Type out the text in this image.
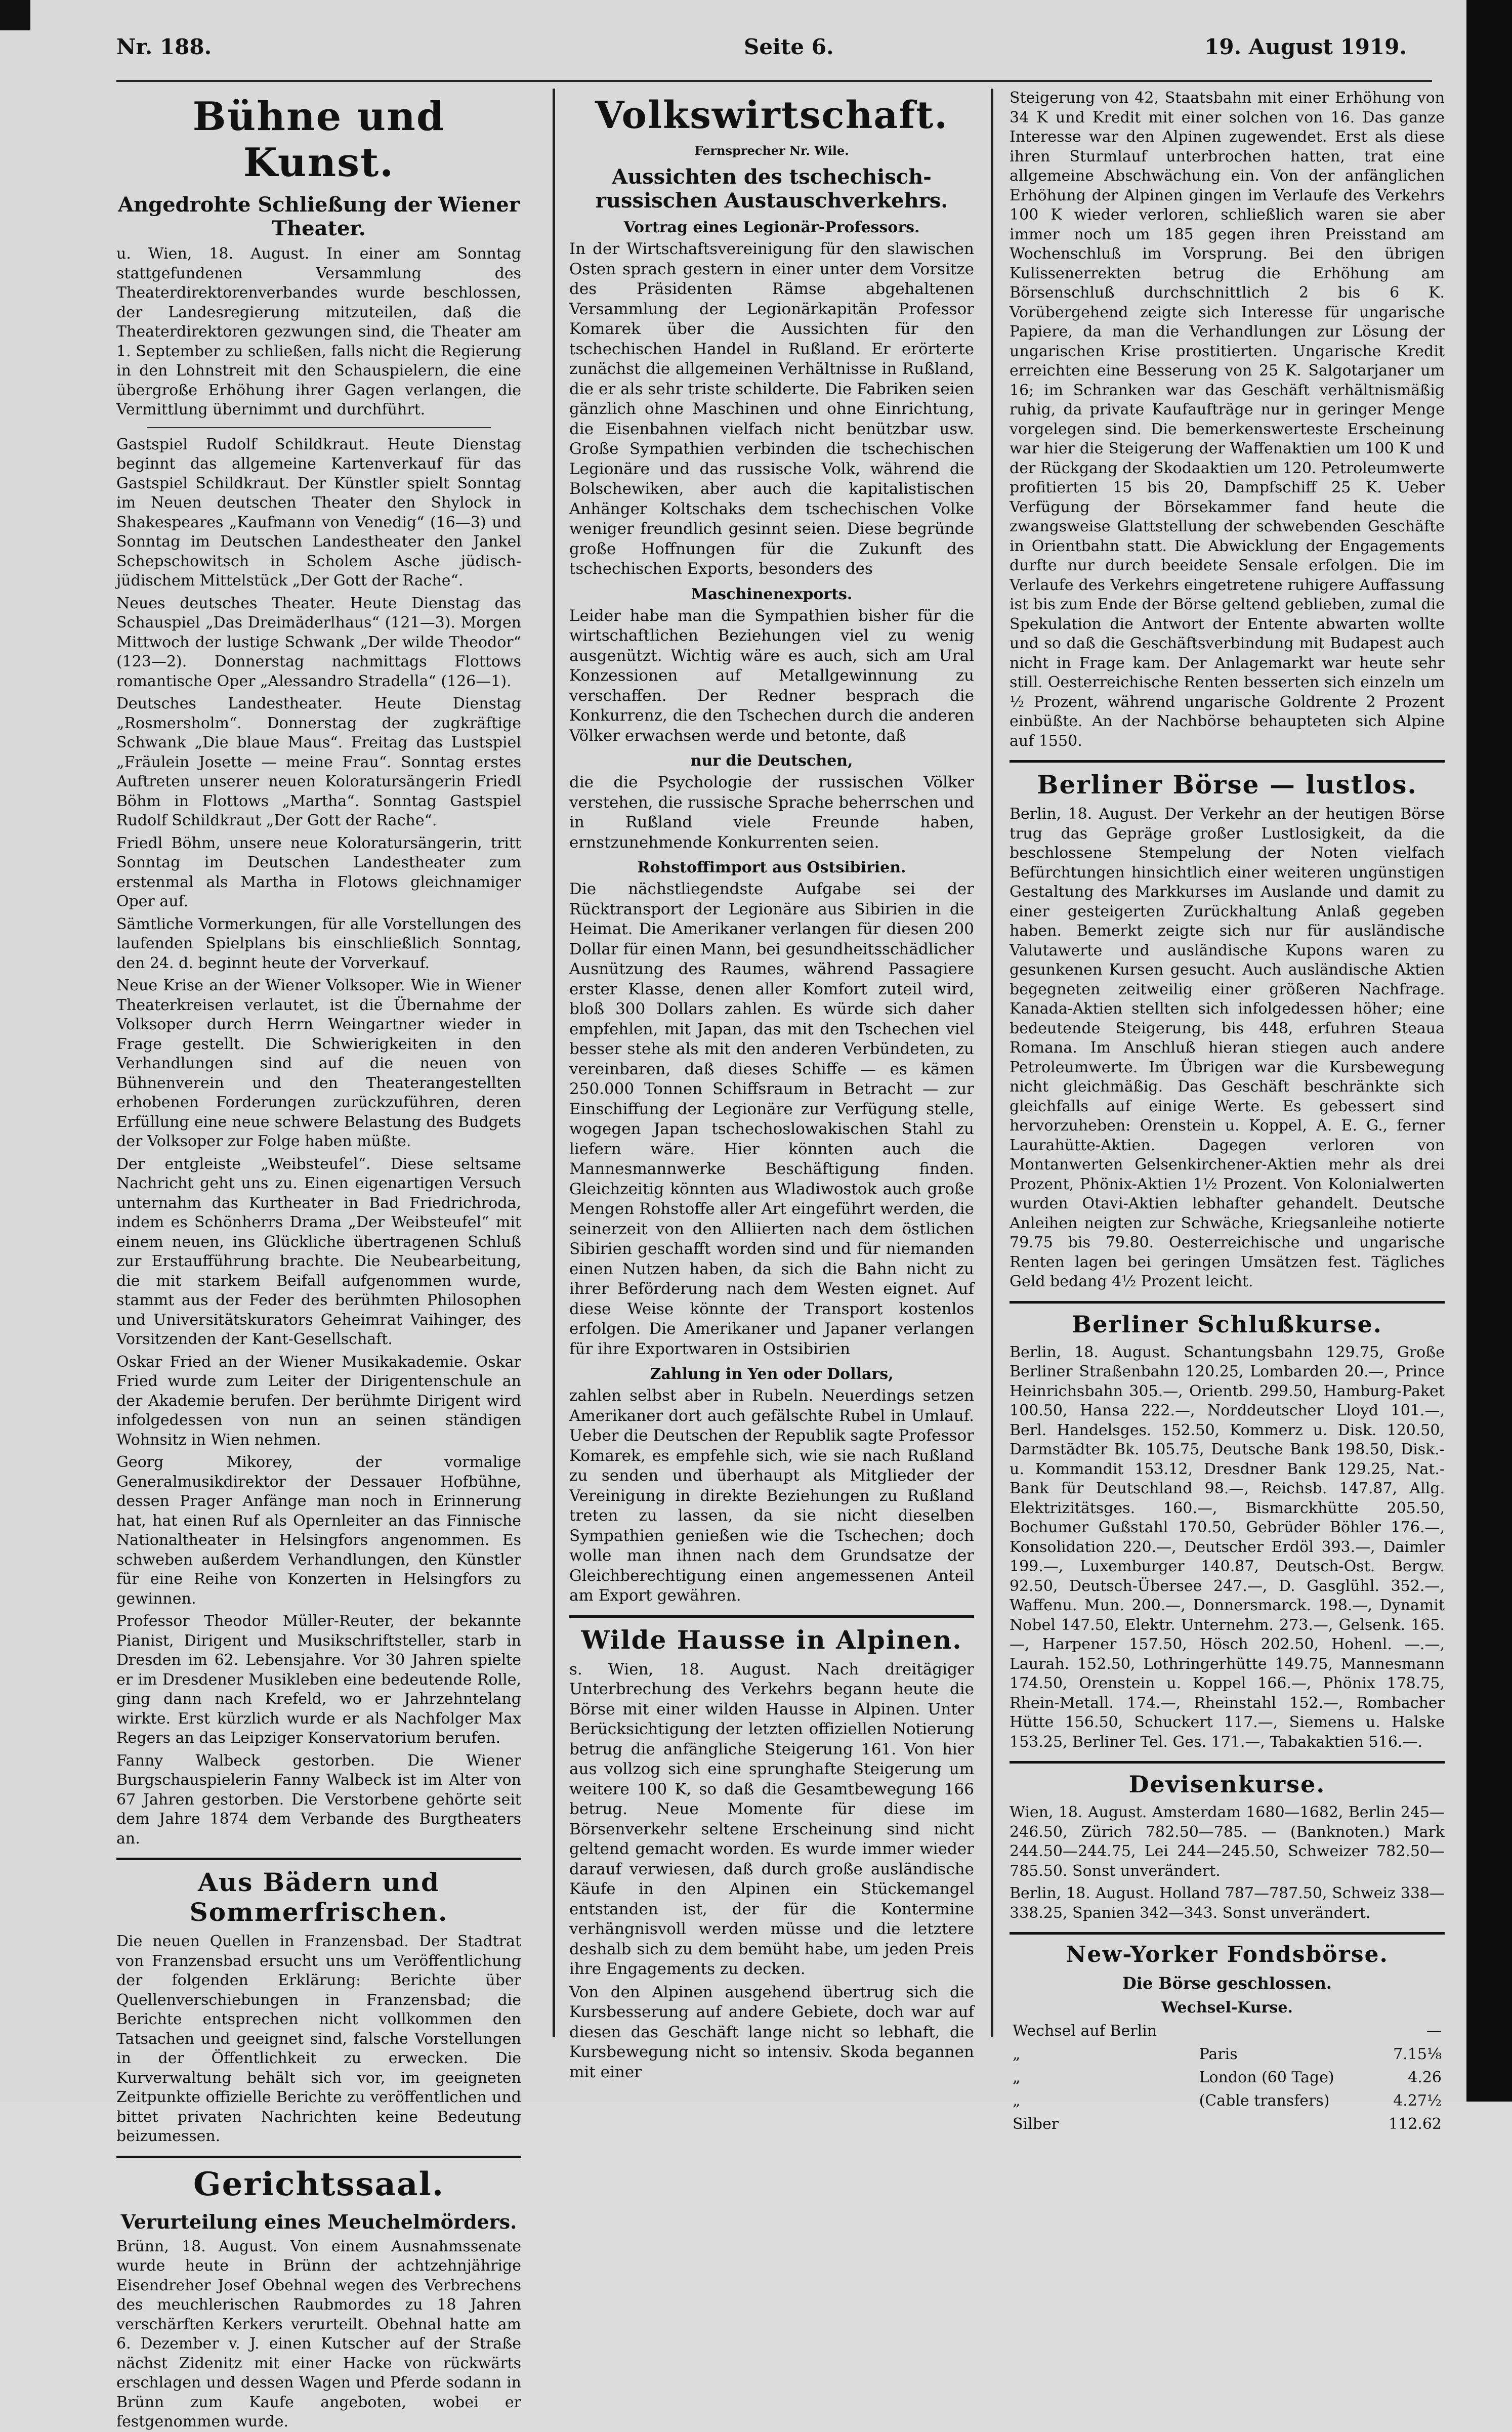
Nr. 188.	Seite 6.	19. August 1919.
Bühne und Kunst.
Angedrohte Schließung der Wiener Theater.

u. Wien, 18. August. In einer am Sonntag stattgefundenen Versammlung des Theaterdirektorenverbandes wurde beschlossen, der Landesregierung mitzuteilen, daß die Theaterdirektoren gezwungen sind, die Theater am 1. September zu schließen, falls nicht die Regierung in den Lohnstreit mit den Schauspielern, die eine übergroße Erhöhung ihrer Gagen verlangen, die Vermittlung übernimmt und durchführt.

Gastspiel Rudolf Schildkraut. Heute Dienstag beginnt das allgemeine Kartenverkauf für das Gastspiel Schildkraut. Der Künstler spielt Sonntag im Neuen deutschen Theater den Shylock in Shakespeares „Kaufmann von Venedig“ (16—3) und Sonntag im Deutschen Landestheater den Jankel Schepschowitsch in Scholem Asche jüdisch-jüdischem Mittelstück „Der Gott der Rache“.

Neues deutsches Theater. Heute Dienstag das Schauspiel „Das Dreimäderlhaus“ (121—3). Morgen Mittwoch der lustige Schwank „Der wilde Theodor“ (123—2). Donnerstag nachmittags Flottows romantische Oper „Alessandro Stradella“ (126—1).

Deutsches Landestheater. Heute Dienstag „Rosmersholm“. Donnerstag der zugkräftige Schwank „Die blaue Maus“. Freitag das Lustspiel „Fräulein Josette — meine Frau“. Sonntag erstes Auftreten unserer neuen Koloratursängerin Friedl Böhm in Flottows „Martha“. Sonntag Gastspiel Rudolf Schildkraut „Der Gott der Rache“.

Friedl Böhm, unsere neue Koloratursängerin, tritt Sonntag im Deutschen Landestheater zum erstenmal als Martha in Flotows gleichnamiger Oper auf.

Sämtliche Vormerkungen, für alle Vorstellungen des laufenden Spielplans bis einschließlich Sonntag, den 24. d. beginnt heute der Vorverkauf.

Neue Krise an der Wiener Volksoper. Wie in Wiener Theaterkreisen verlautet, ist die Übernahme der Volksoper durch Herrn Weingartner wieder in Frage gestellt. Die Schwierigkeiten in den Verhandlungen sind auf die neuen von Bühnenverein und den Theaterangestellten erhobenen Forderungen zurückzuführen, deren Erfüllung eine neue schwere Belastung des Budgets der Volksoper zur Folge haben müßte.

Der entgleiste „Weibsteufel“. Diese seltsame Nachricht geht uns zu. Einen eigenartigen Versuch unternahm das Kurtheater in Bad Friedrichroda, indem es Schönherrs Drama „Der Weibsteufel“ mit einem neuen, ins Glückliche übertragenen Schluß zur Erstaufführung brachte. Die Neubearbeitung, die mit starkem Beifall aufgenommen wurde, stammt aus der Feder des berühmten Philosophen und Universitätskurators Geheimrat Vaihinger, des Vorsitzenden der Kant-Gesellschaft.

Oskar Fried an der Wiener Musikakademie. Oskar Fried wurde zum Leiter der Dirigentenschule an der Akademie berufen. Der berühmte Dirigent wird infolgedessen von nun an seinen ständigen Wohnsitz in Wien nehmen.

Georg Mikorey, der vormalige Generalmusikdirektor der Dessauer Hofbühne, dessen Prager Anfänge man noch in Erinnerung hat, hat einen Ruf als Opernleiter an das Finnische Nationaltheater in Helsingfors angenommen. Es schweben außerdem Verhandlungen, den Künstler für eine Reihe von Konzerten in Helsingfors zu gewinnen.

Professor Theodor Müller-Reuter, der bekannte Pianist, Dirigent und Musikschriftsteller, starb in Dresden im 62. Lebensjahre. Vor 30 Jahren spielte er im Dresdener Musikleben eine bedeutende Rolle, ging dann nach Krefeld, wo er Jahrzehntelang wirkte. Erst kürzlich wurde er als Nachfolger Max Regers an das Leipziger Konservatorium berufen.

Fanny Walbeck gestorben. Die Wiener Burgschauspielerin Fanny Walbeck ist im Alter von 67 Jahren gestorben. Die Verstorbene gehörte seit dem Jahre 1874 dem Verbande des Burgtheaters an.

Aus Bädern und Sommerfrischen.

Die neuen Quellen in Franzensbad. Der Stadtrat von Franzensbad ersucht uns um Veröffentlichung der folgenden Erklärung: Berichte über Quellenverschiebungen in Franzensbad; die Berichte entsprechen nicht vollkommen den Tatsachen und geeignet sind, falsche Vorstellungen in der Öffentlichkeit zu erwecken. Die Kurverwaltung behält sich vor, im geeigneten Zeitpunkte offizielle Berichte zu veröffentlichen und bittet privaten Nachrichten keine Bedeutung beizumessen.

Gerichtssaal.
Verurteilung eines Meuchelmörders.

Brünn, 18. August. Von einem Ausnahmssenate wurde heute in Brünn der achtzehnjährige Eisendreher Josef Obehnal wegen des Verbrechens des meuchlerischen Raubmordes zu 18 Jahren verschärften Kerkers verurteilt. Obehnal hatte am 6. Dezember v. J. einen Kutscher auf der Straße nächst Zidenitz mit einer Hacke von rückwärts erschlagen und dessen Wagen und Pferde sodann in Brünn zum Kaufe angeboten, wobei er festgenommen wurde.

Volkswirtschaft.
Fernsprecher Nr. Wile.
Aussichten des tschechisch-russischen Austauschverkehrs.
Vortrag eines Legionär-Professors.

In der Wirtschaftsvereinigung für den slawischen Osten sprach gestern in einer unter dem Vorsitze des Präsidenten Rämse abgehaltenen Versammlung der Legionärkapitän Professor Komarek über die Aussichten für den tschechischen Handel in Rußland. Er erörterte zunächst die allgemeinen Verhältnisse in Rußland, die er als sehr triste schilderte. Die Fabriken seien gänzlich ohne Maschinen und ohne Einrichtung, die Eisenbahnen vielfach nicht benützbar usw. Große Sympathien verbinden die tschechischen Legionäre und das russische Volk, während die Bolschewiken, aber auch die kapitalistischen Anhänger Koltschaks dem tschechischen Volke weniger freundlich gesinnt seien. Diese begründe große Hoffnungen für die Zukunft des tschechischen Exports, besonders des

Maschinenexports.

Leider habe man die Sympathien bisher für die wirtschaftlichen Beziehungen viel zu wenig ausgenützt. Wichtig wäre es auch, sich am Ural Konzessionen auf Metallgewinnung zu verschaffen. Der Redner besprach die Konkurrenz, die den Tschechen durch die anderen Völker erwachsen werde und betonte, daß

nur die Deutschen,

die die Psychologie der russischen Völker verstehen, die russische Sprache beherrschen und in Rußland viele Freunde haben, ernstzunehmende Konkurrenten seien.

Rohstoffimport aus Ostsibirien.

Die nächstliegendste Aufgabe sei der Rücktransport der Legionäre aus Sibirien in die Heimat. Die Amerikaner verlangen für diesen 200 Dollar für einen Mann, bei gesundheitsschädlicher Ausnützung des Raumes, während Passagiere erster Klasse, denen aller Komfort zuteil wird, bloß 300 Dollars zahlen. Es würde sich daher empfehlen, mit Japan, das mit den Tschechen viel besser stehe als mit den anderen Verbündeten, zu vereinbaren, daß dieses Schiffe — es kämen 250.000 Tonnen Schiffsraum in Betracht — zur Einschiffung der Legionäre zur Verfügung stelle, wogegen Japan tschechoslowakischen Stahl zu liefern wäre. Hier könnten auch die Mannesmannwerke Beschäftigung finden. Gleichzeitig könnten aus Wladiwostok auch große Mengen Rohstoffe aller Art eingeführt werden, die seinerzeit von den Alliierten nach dem östlichen Sibirien geschafft worden sind und für niemanden einen Nutzen haben, da sich die Bahn nicht zu ihrer Beförderung nach dem Westen eignet. Auf diese Weise könnte der Transport kostenlos erfolgen. Die Amerikaner und Japaner verlangen für ihre Exportwaren in Ostsibirien

Zahlung in Yen oder Dollars,

zahlen selbst aber in Rubeln. Neuerdings setzen Amerikaner dort auch gefälschte Rubel in Umlauf. Ueber die Deutschen der Republik sagte Professor Komarek, es empfehle sich, wie sie nach Rußland zu senden und überhaupt als Mitglieder der Vereinigung in direkte Beziehungen zu Rußland treten zu lassen, da sie nicht dieselben Sympathien genießen wie die Tschechen; doch wolle man ihnen nach dem Grundsatze der Gleichberechtigung einen angemessenen Anteil am Export gewähren.

Wilde Hausse in Alpinen.

s. Wien, 18. August. Nach dreitägiger Unterbrechung des Verkehrs begann heute die Börse mit einer wilden Hausse in Alpinen. Unter Berücksichtigung der letzten offiziellen Notierung betrug die anfängliche Steigerung 161. Von hier aus vollzog sich eine sprunghafte Steigerung um weitere 100 K, so daß die Gesamtbewegung 166 betrug. Neue Momente für diese im Börsenverkehr seltene Erscheinung sind nicht geltend gemacht worden. Es wurde immer wieder darauf verwiesen, daß durch große ausländische Käufe in den Alpinen ein Stückemangel entstanden ist, der für die Kontermine verhängnisvoll werden müsse und die letztere deshalb sich zu dem bemüht habe, um jeden Preis ihre Engagements zu decken.

Von den Alpinen ausgehend übertrug sich die Kursbesserung auf andere Gebiete, doch war auf diesen das Geschäft lange nicht so lebhaft, die Kursbewegung nicht so intensiv. Skoda begannen mit einer

Steigerung von 42, Staatsbahn mit einer Erhöhung von 34 K und Kredit mit einer solchen von 16. Das ganze Interesse war den Alpinen zugewendet. Erst als diese ihren Sturmlauf unterbrochen hatten, trat eine allgemeine Abschwächung ein. Von der anfänglichen Erhöhung der Alpinen gingen im Verlaufe des Verkehrs 100 K wieder verloren, schließlich waren sie aber immer noch um 185 gegen ihren Preisstand am Wochenschluß im Vorsprung. Bei den übrigen Kulissenerrekten betrug die Erhöhung am Börsenschluß durchschnittlich 2 bis 6 K. Vorübergehend zeigte sich Interesse für ungarische Papiere, da man die Verhandlungen zur Lösung der ungarischen Krise prostitierten. Ungarische Kredit erreichten eine Besserung von 25 K. Salgotarjaner um 16; im Schranken war das Geschäft verhältnismäßig ruhig, da private Kaufaufträge nur in geringer Menge vorgelegen sind. Die bemerkenswerteste Erscheinung war hier die Steigerung der Waffenaktien um 100 K und der Rückgang der Skodaaktien um 120. Petroleumwerte profitierten 15 bis 20, Dampfschiff 25 K. Ueber Verfügung der Börsekammer fand heute die zwangsweise Glattstellung der schwebenden Geschäfte in Orientbahn statt. Die Abwicklung der Engagements durfte nur durch beeidete Sensale erfolgen. Die im Verlaufe des Verkehrs eingetretene ruhigere Auffassung ist bis zum Ende der Börse geltend geblieben, zumal die Spekulation die Antwort der Entente abwarten wollte und so daß die Geschäftsverbindung mit Budapest auch nicht in Frage kam. Der Anlagemarkt war heute sehr still. Oesterreichische Renten besserten sich einzeln um ½ Prozent, während ungarische Goldrente 2 Prozent einbüßte. An der Nachbörse behaupteten sich Alpine auf 1550.

Berliner Börse — lustlos.

Berlin, 18. August. Der Verkehr an der heutigen Börse trug das Gepräge großer Lustlosigkeit, da die beschlossene Stempelung der Noten vielfach Befürchtungen hinsichtlich einer weiteren ungünstigen Gestaltung des Markkurses im Auslande und damit zu einer gesteigerten Zurückhaltung Anlaß gegeben haben. Bemerkt zeigte sich nur für ausländische Valutawerte und ausländische Kupons waren zu gesunkenen Kursen gesucht. Auch ausländische Aktien begegneten zeitweilig einer größeren Nachfrage. Kanada-Aktien stellten sich infolgedessen höher; eine bedeutende Steigerung, bis 448, erfuhren Steaua Romana. Im Anschluß hieran stiegen auch andere Petroleumwerte. Im Übrigen war die Kursbewegung nicht gleichmäßig. Das Geschäft beschränkte sich gleichfalls auf einige Werte. Es gebessert sind hervorzuheben: Orenstein u. Koppel, A. E. G., ferner Laurahütte-Aktien. Dagegen verloren von Montanwerten Gelsenkirchener-Aktien mehr als drei Prozent, Phönix-Aktien 1½ Prozent. Von Kolonialwerten wurden Otavi-Aktien lebhafter gehandelt. Deutsche Anleihen neigten zur Schwäche, Kriegsanleihe notierte 79.75 bis 79.80. Oesterreichische und ungarische Renten lagen bei geringen Umsätzen fest. Tägliches Geld bedang 4½ Prozent leicht.

Berliner Schlußkurse.

Berlin, 18. August. Schantungsbahn 129.75, Große Berliner Straßenbahn 120.25, Lombarden 20.—, Prince Heinrichsbahn 305.—, Orientb. 299.50, Hamburg-Paket 100.50, Hansa 222.—, Norddeutscher Lloyd 101.—, Berl. Handelsges. 152.50, Kommerz u. Disk. 120.50, Darmstädter Bk. 105.75, Deutsche Bank 198.50, Disk.-u. Kommandit 153.12, Dresdner Bank 129.25, Nat.-Bank für Deutschland 98.—, Reichsb. 147.87, Allg. Elektrizitätsges. 160.—, Bismarckhütte 205.50, Bochumer Gußstahl 170.50, Gebrüder Böhler 176.—, Konsolidation 220.—, Deutscher Erdöl 393.—, Daimler 199.—, Luxemburger 140.87, Deutsch-Ost. Bergw. 92.50, Deutsch-Übersee 247.—, D. Gasglühl. 352.—, Waffenu. Mun. 200.—, Donnersmarck. 198.—, Dynamit Nobel 147.50, Elektr. Unternehm. 273.—, Gelsenk. 165.—, Harpener 157.50, Hösch 202.50, Hohenl. —.—, Laurah. 152.50, Lothringerhütte 149.75, Mannesmann 174.50, Orenstein u. Koppel 166.—, Phönix 178.75, Rhein-Metall. 174.—, Rheinstahl 152.—, Rombacher Hütte 156.50, Schuckert 117.—, Siemens u. Halske 153.25, Berliner Tel. Ges. 171.—, Tabakaktien 516.—.

Devisenkurse.

Wien, 18. August. Amsterdam 1680—1682, Berlin 245—246.50, Zürich 782.50—785. — (Banknoten.) Mark 244.50—244.75, Lei 244—245.50, Schweizer 782.50—785.50. Sonst unverändert.

Berlin, 18. August. Holland 787—787.50, Schweiz 338—338.25, Spanien 342—343. Sonst unverändert.

New-Yorker Fondsbörse.
Die Börse geschlossen.
Wechsel-Kurse.
Wechsel auf Berlin		—
„	Paris	7.15⅛
„	London (60 Tage)	4.26
„	(Cable transfers)	4.27½
Silber		112.62
